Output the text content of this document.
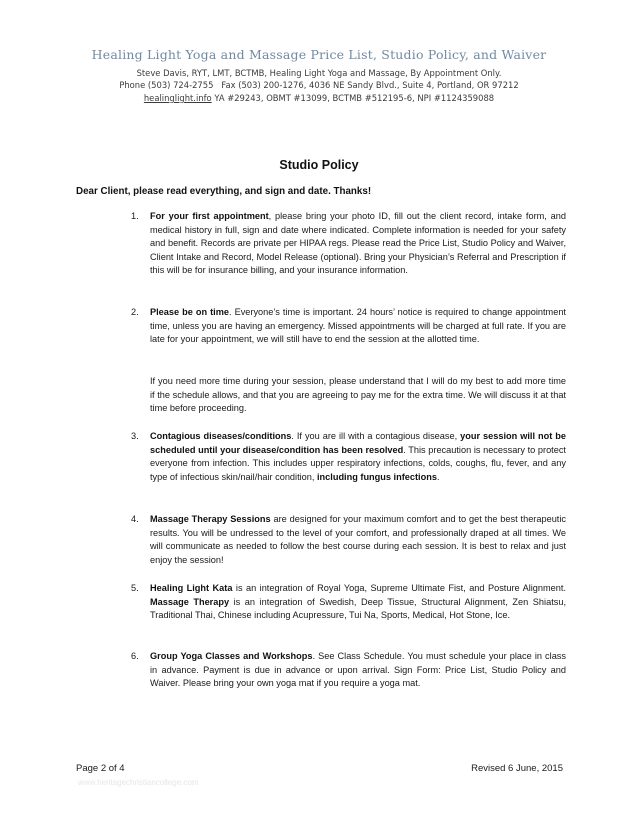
Healing Light Yoga and Massage Price List, Studio Policy, and Waiver
Steve Davis, RYT, LMT, BCTMB, Healing Light Yoga and Massage, By Appointment Only.
Phone (503) 724-2755   Fax (503) 200-1276, 4036 NE Sandy Blvd., Suite 4, Portland, OR 97212
healinglight.info YA #29243, OBMT #13099, BCTMB #512195-6, NPI #1124359088
Studio Policy
Dear Client, please read everything, and sign and date. Thanks!
1. For your first appointment, please bring your photo ID, fill out the client record, intake form, and medical history in full, sign and date where indicated. Complete information is needed for your safety and benefit. Records are private per HIPAA regs. Please read the Price List, Studio Policy and Waiver, Client Intake and Record, Model Release (optional). Bring your Physician’s Referral and Prescription if this will be for insurance billing, and your insurance information.

2. Please be on time. Everyone’s time is important. 24 hours’ notice is required to change appointment time, unless you are having an emergency. Missed appointments will be charged at full rate. If you are late for your appointment, we will still have to end the session at the allotted time.

If you need more time during your session, please understand that I will do my best to add more time if the schedule allows, and that you are agreeing to pay me for the extra time. We will discuss it at that time before proceeding.

3. Contagious diseases/conditions. If you are ill with a contagious disease, your session will not be scheduled until your disease/condition has been resolved. This precaution is necessary to protect everyone from infection. This includes upper respiratory infections, colds, coughs, flu, fever, and any type of infectious skin/nail/hair condition, including fungus infections.

4. Massage Therapy Sessions are designed for your maximum comfort and to get the best therapeutic results. You will be undressed to the level of your comfort, and professionally draped at all times. We will communicate as needed to follow the best course during each session. It is best to relax and just enjoy the session!

5. Healing Light Kata is an integration of Royal Yoga, Supreme Ultimate Fist, and Posture Alignment. Massage Therapy is an integration of Swedish, Deep Tissue, Structural Alignment, Zen Shiatsu, Traditional Thai, Chinese including Acupressure, Tui Na, Sports, Medical, Hot Stone, Ice.

6. Group Yoga Classes and Workshops. See Class Schedule. You must schedule your place in class in advance. Payment is due in advance or upon arrival. Sign Form: Price List, Studio Policy and Waiver. Please bring your own yoga mat if you require a yoga mat.

Page 2 of 4	Revised 6 June, 2015
www.heritagechristiancollege.com
